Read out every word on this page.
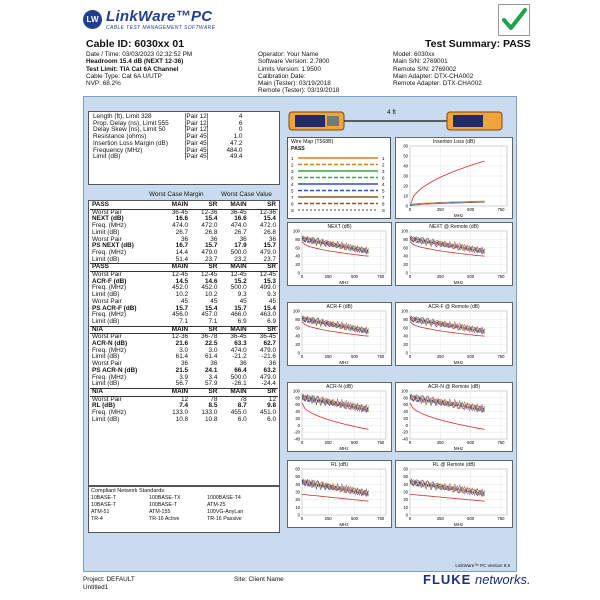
LW LinkWare™PC
CABLE TEST MANAGEMENT SOFTWARE
Cable ID: 6030xx 01	Test Summary: PASS
Date / Time: 03/03/2023 02:32:52 PM
Headroom 15.4 dB (NEXT 12-36)
Test Limit: TIA Cat 6A Channel
Cable Type: Cat 6A U/UTP
NVP: 68.2%
Operator: Your Name
Software Version: 2.7800
Limits Version: 1.9500
Calibration Date:
Main (Tester): 03/19/2018
Remote (Tester): 03/19/2018
Model: 6030xx
Main S/N: 2769001
Remote S/N: 2769002
Main Adapter: DTX-CHA002
Remote Adapter: DTX-CHA002
Length (ft), Limit 328	[Pair 12]	4
Prop. Delay (ns), Limit 555	[Pair 12]	6
Delay Skew (ns), Limit 50	[Pair 12]	0
Resistance (ohms)	[Pair 45]	1.0

Insertion Loss Margin (dB)	[Pair 45]	47.2
Frequency (MHz)	[Pair 45]	484.0
Limit (dB)	[Pair 45]	49.4
4 ft
Wire Map (T568B)
PASS
1	1
2	2
3	3
6	6
4	4
5	5
7	7
8	8
S	S
Insertion Loss (dB)
60
50
40
30
20
10
0
0	250	500	750
MHz
Worst Case Margin	Worst Case Value
PASS	MAIN	SR	MAIN	SR
Worst Pair	36-45	12-36	36-45	12-36
NEXT (dB)	16.6	15.4	16.6	15.4
Freq. (MHz)	474.0	472.0	474.0	472.0
Limit (dB)	26.7	26.8	26.7	26.8
Worst Pair	36	36	36	36
PS NEXT (dB)	16.7	15.7	17.9	15.7
Freq. (MHz)	14.4	479.0	500.0	479.0
Limit (dB)	51.4	23.7	23.2	23.7
PASS	MAIN	SR	MAIN	SR
Worst Pair	12-45	12-45	12-45	12-45
ACR-F (dB)	14.5	14.6	15.2	15.3
Freq. (MHz)	452.0	452.0	500.0	499.0
Limit (dB)	10.2	10.2	9.3	9.3
Worst Pair	45	45	45	45
PS ACR-F (dB)	15.7	15.4	15.7	15.4
Freq. (MHz)	456.0	457.0	466.0	463.0
Limit (dB)	7.1	7.1	6.9	6.9
N/A	MAIN	SR	MAIN	SR
Worst Pair	12-36	36-78	36-45	36-45
ACR-N (dB)	21.6	22.5	63.3	62.7
Freq. (MHz)	3.0	3.0	474.0	479.0
Limit (dB)	61.4	61.4	-21.2	-21.6
Worst Pair	36	36	36	36
PS ACR-N (dB)	21.5	24.1	66.4	63.2
Freq. (MHz)	3.9	3.4	500.0	479.0
Limit (dB)	56.7	57.9	-26.1	-24.4
N/A	MAIN	SR	MAIN	SR
Worst Pair	12	78	78	12
RL (dB)	7.4	8.5	8.7	9.8
Freq. (MHz)	133.0	133.0	455.0	451.0
Limit (dB)	10.8	10.8	6.0	6.0
Compliant Network Standards:
10BASE-T	100BASE-TX	1000BASE-T4
10BASE-T	100BASE-T	ATM-25
ATM-51	ATM-155	100VG-AnyLan
TR-4	TR-16 Active	TR-16 Passive
NEXT (dB)
100
80
60
40
20
0
0	250	500	750
MHz
NEXT @ Remote (dB)
100
80
60
40
20
0
0	250	500	750
MHz
ACR-F (dB)
100
80
60
40
20
0
0	250	500	750
MHz
ACR-F @ Remote (dB)
100
80
60
40
20
0
0	250	500	750
MHz
ACR-N (dB)
100
80
60
40
20
0
-20
-40
0	250	500	750
MHz
ACR-N @ Remote (dB)
100
80
60
40
20
0
-20
-40
0	250	500	750
MHz
RL (dB)
60
50
40
30
20
10
0
0	250	500	750
MHz
RL @ Remote (dB)
60
50
40
30
20
10
0
0	250	500	750
MHz
LinkWare™ PC Version 9.9
Project: DEFAULT
Untitled1
Site: Client Name	FLUKE networks.
